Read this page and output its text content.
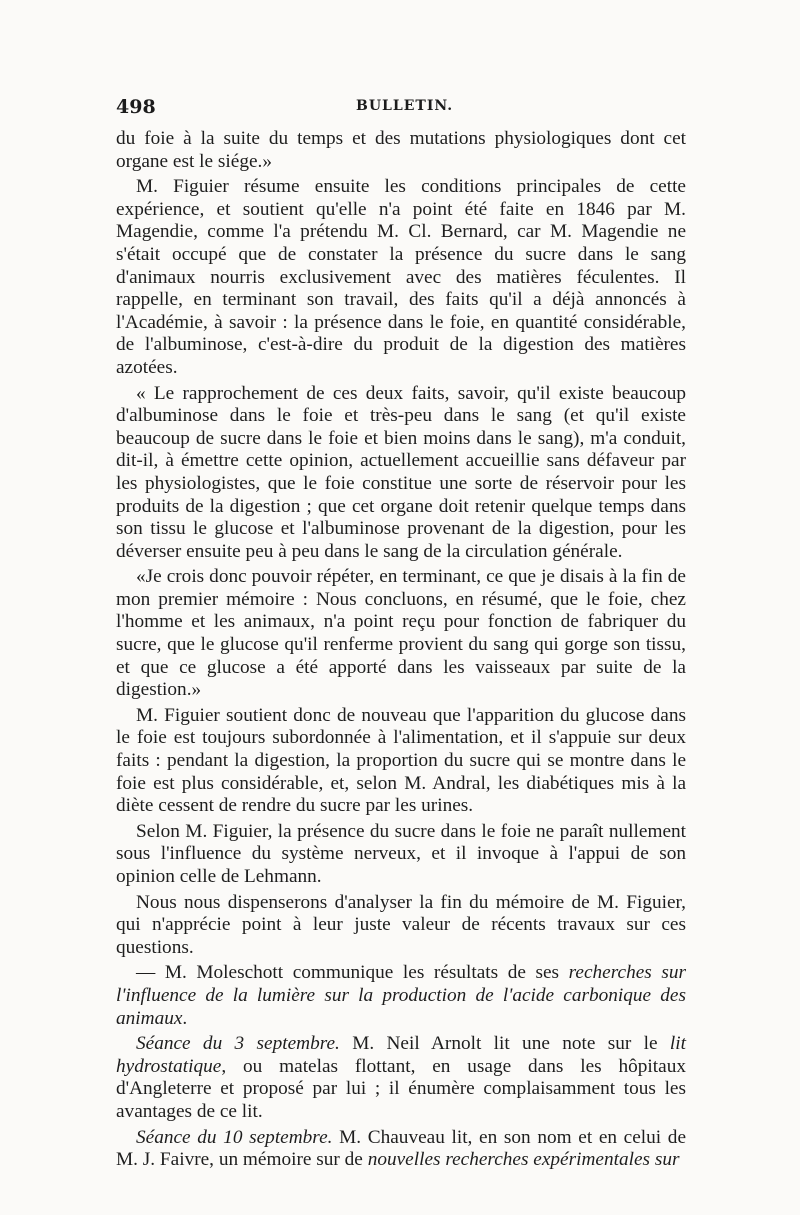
498	BULLETIN.

du foie à la suite du temps et des mutations physiologiques dont cet organe est le siége.»

M. Figuier résume ensuite les conditions principales de cette expérience, et soutient qu'elle n'a point été faite en 1846 par M. Magendie, comme l'a prétendu M. Cl. Bernard, car M. Magendie ne s'était occupé que de constater la présence du sucre dans le sang d'animaux nourris exclusivement avec des matières féculentes. Il rappelle, en terminant son travail, des faits qu'il a déjà annoncés à l'Académie, à savoir : la présence dans le foie, en quantité considérable, de l'albuminose, c'est-à-dire du produit de la digestion des matières azotées.

« Le rapprochement de ces deux faits, savoir, qu'il existe beaucoup d'albuminose dans le foie et très-peu dans le sang (et qu'il existe beaucoup de sucre dans le foie et bien moins dans le sang), m'a conduit, dit-il, à émettre cette opinion, actuellement accueillie sans défaveur par les physiologistes, que le foie constitue une sorte de réservoir pour les produits de la digestion ; que cet organe doit retenir quelque temps dans son tissu le glucose et l'albuminose provenant de la digestion, pour les déverser ensuite peu à peu dans le sang de la circulation générale.

«Je crois donc pouvoir répéter, en terminant, ce que je disais à la fin de mon premier mémoire : Nous concluons, en résumé, que le foie, chez l'homme et les animaux, n'a point reçu pour fonction de fabriquer du sucre, que le glucose qu'il renferme provient du sang qui gorge son tissu, et que ce glucose a été apporté dans les vaisseaux par suite de la digestion.»

M. Figuier soutient donc de nouveau que l'apparition du glucose dans le foie est toujours subordonnée à l'alimentation, et il s'appuie sur deux faits : pendant la digestion, la proportion du sucre qui se montre dans le foie est plus considérable, et, selon M. Andral, les diabétiques mis à la diète cessent de rendre du sucre par les urines.

Selon M. Figuier, la présence du sucre dans le foie ne paraît nullement sous l'influence du système nerveux, et il invoque à l'appui de son opinion celle de Lehmann.

Nous nous dispenserons d'analyser la fin du mémoire de M. Figuier, qui n'apprécie point à leur juste valeur de récents travaux sur ces questions.

— M. Moleschott communique les résultats de ses recherches sur l'influence de la lumière sur la production de l'acide carbonique des animaux.

Séance du 3 septembre. M. Neil Arnolt lit une note sur le lit hydrostatique, ou matelas flottant, en usage dans les hôpitaux d'Angleterre et proposé par lui ; il énumère complaisamment tous les avantages de ce lit.

Séance du 10 septembre. M. Chauveau lit, en son nom et en celui de M. J. Faivre, un mémoire sur de nouvelles recherches expérimentales sur
